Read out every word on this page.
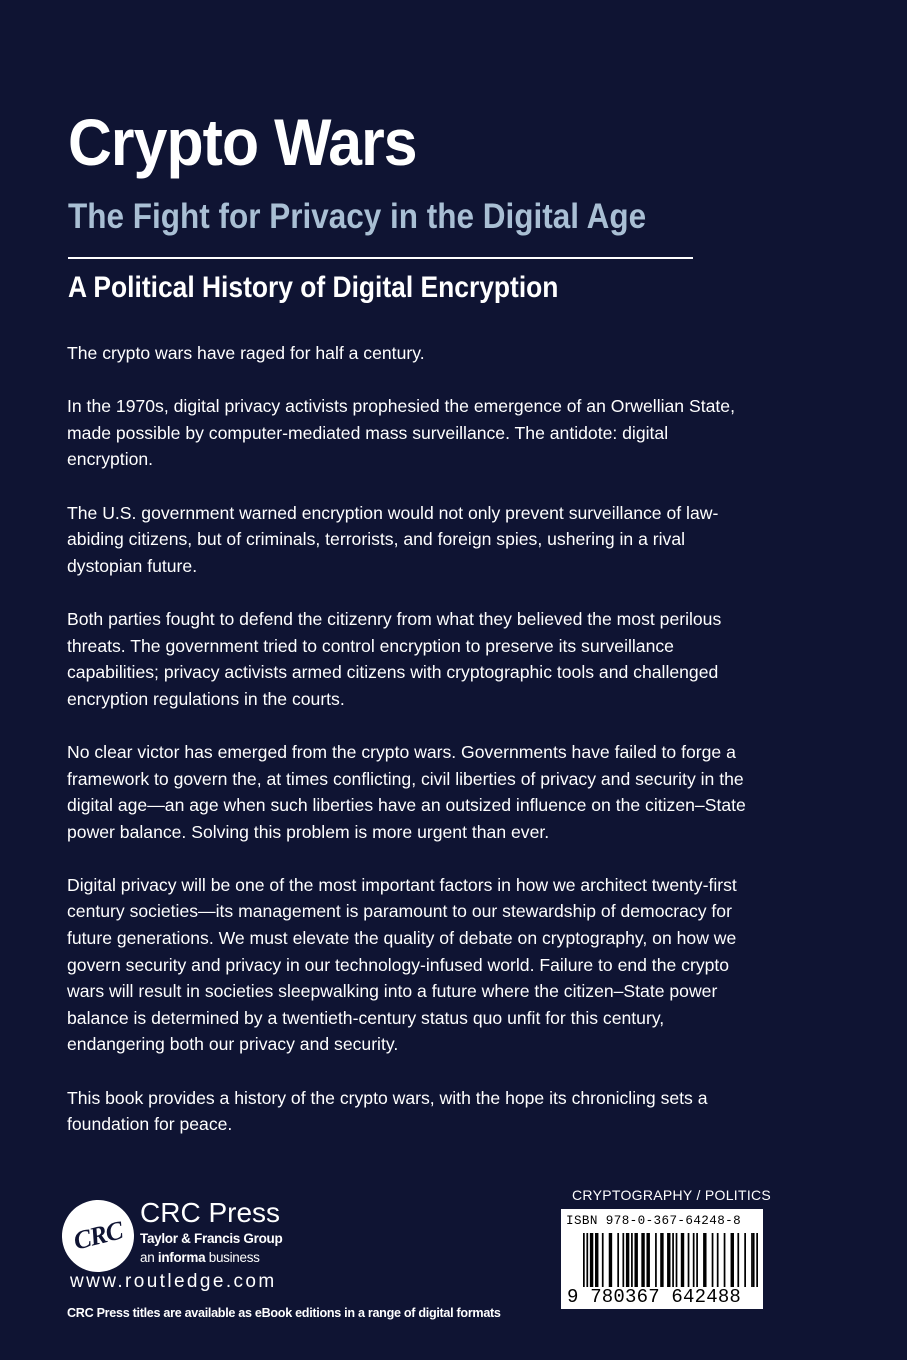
Crypto Wars
The Fight for Privacy in the Digital Age
A Political History of Digital Encryption

The crypto wars have raged for half a century.

In the 1970s, digital privacy activists prophesied the emergence of an Orwellian State, made possible by computer-mediated mass surveillance. The antidote: digital encryption.

The U.S. government warned encryption would not only prevent surveillance of law-abiding citizens, but of criminals, terrorists, and foreign spies, ushering in a rival dystopian future.

Both parties fought to defend the citizenry from what they believed the most perilous threats. The government tried to control encryption to preserve its surveillance capabilities; privacy activists armed citizens with cryptographic tools and challenged encryption regulations in the courts.

No clear victor has emerged from the crypto wars. Governments have failed to forge a framework to govern the, at times conflicting, civil liberties of privacy and security in the digital age—an age when such liberties have an outsized influence on the citizen–State power balance. Solving this problem is more urgent than ever.

Digital privacy will be one of the most important factors in how we architect twenty-first century societies—its management is paramount to our stewardship of democracy for future generations. We must elevate the quality of debate on cryptography, on how we govern security and privacy in our technology-infused world. Failure to end the crypto wars will result in societies sleepwalking into a future where the citizen–State power balance is determined by a twentieth-century status quo unfit for this century, endangering both our privacy and security.

This book provides a history of the crypto wars, with the hope its chronicling sets a foundation for peace.

CRC
CRC Press
Taylor & Francis Group
an informa business
www.routledge.com
CRC Press titles are available as eBook editions in a range of digital formats
CRYPTOGRAPHY / POLITICS
ISBN 978-0-367-64248-8
9 780367 642488
